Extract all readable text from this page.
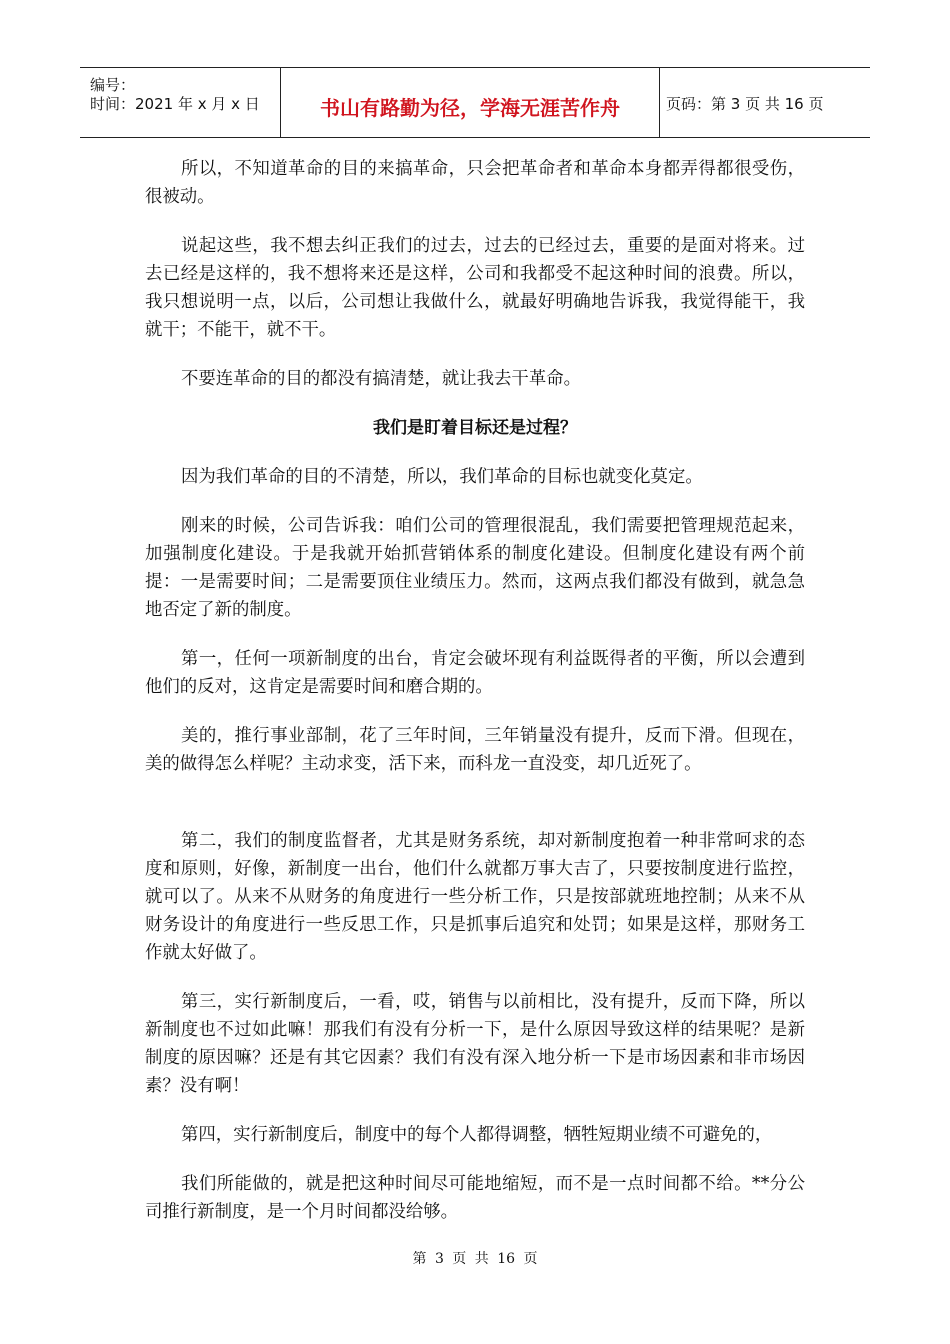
编号：
时间：2021 年 x 月 x 日	书山有路勤为径，学海无涯苦作舟	页码：第 3 页 共 16 页

所以，不知道革命的目的来搞革命，只会把革命者和革命本身都弄得都很受伤，很被动。

说起这些，我不想去纠正我们的过去，过去的已经过去，重要的是面对将来。过去已经是这样的，我不想将来还是这样，公司和我都受不起这种时间的浪费。所以，我只想说明一点，以后，公司想让我做什么，就最好明确地告诉我，我觉得能干，我就干；不能干，就不干。

不要连革命的目的都没有搞清楚，就让我去干革命。

我们是盯着目标还是过程？

因为我们革命的目的不清楚，所以，我们革命的目标也就变化莫定。

刚来的时候，公司告诉我：咱们公司的管理很混乱，我们需要把管理规范起来，加强制度化建设。于是我就开始抓营销体系的制度化建设。但制度化建设有两个前提：一是需要时间；二是需要顶住业绩压力。然而，这两点我们都没有做到，就急急地否定了新的制度。

第一，任何一项新制度的出台，肯定会破坏现有利益既得者的平衡，所以会遭到他们的反对，这肯定是需要时间和磨合期的。

美的，推行事业部制，花了三年时间，三年销量没有提升，反而下滑。但现在，美的做得怎么样呢？主动求变，活下来，而科龙一直没变，却几近死了。

第二，我们的制度监督者，尤其是财务系统，却对新制度抱着一种非常呵求的态度和原则，好像，新制度一出台，他们什么就都万事大吉了，只要按制度进行监控，就可以了。从来不从财务的角度进行一些分析工作，只是按部就班地控制；从来不从财务设计的角度进行一些反思工作，只是抓事后追究和处罚；如果是这样，那财务工作就太好做了。

第三，实行新制度后，一看，哎，销售与以前相比，没有提升，反而下降，所以新制度也不过如此嘛！那我们有没有分析一下，是什么原因导致这样的结果呢？是新制度的原因嘛？还是有其它因素？我们有没有深入地分析一下是市场因素和非市场因素？没有啊！

第四，实行新制度后，制度中的每个人都得调整，牺牲短期业绩不可避免的，

我们所能做的，就是把这种时间尽可能地缩短，而不是一点时间都不给。**分公司推行新制度，是一个月时间都没给够。

第 3 页 共 16 页
